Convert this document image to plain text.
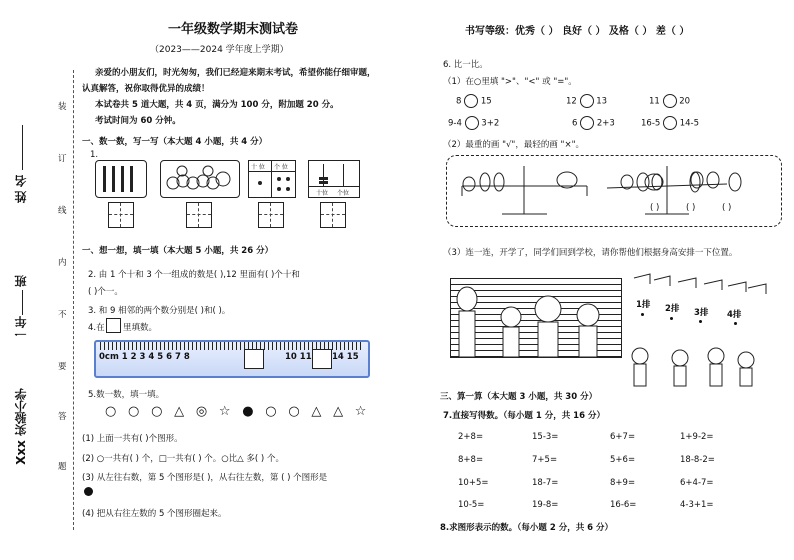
一年级数学期末测试卷
（2023——2024 学年度上学期）
书写等级：优秀（ ） 良好（ ） 及格（ ） 差（ ）
姓 名
班
一年
Xxx 实验小学
装
订
线
内
不
要
答
题
亲爱的小朋友们，时光匆匆，我们已经迎来期末考试，希望你能仔细审题，
认真解答，祝你取得优异的成绩！
本试卷共 5 道大题，共 4 页，满分为 100 分，附加题 20 分。
考试时间为 60 分钟。
一、数一数，写一写（本大题 4 小题，共 4 分）
1.
十 位 个 位
十位 个位
一、想一想，填一填（本大题 5 小题，共 26 分）
2. 由 1 个十和 3 个一组成的数是( ),12 里面有( )个十和
( )个一。
3. 和 9 相邻的两个数分别是( )和( )。
4.在 里填数。
0cm 1 2 3 4 5 6 7 8	10 11 14 15
5.数一数，填一填。
○ ○ ○ △ ◎ ☆ ● ○ ○ △ △ ☆
(1) 上面一共有( )个图形。
(2) ○一共有( ) 个，□一共有( ) 个。○比△ 多( ) 个。
(3) 从左往右数，第 5 个图形是( )，从右往左数，第 ( ) 个图形是
(4) 把从右往左数的 5 个图形圈起来。
6. 比一比。
（1）在○里填 ">"、"<" 或 "="。
8 15	12 13	11 20
9-4 3+2	6 2+3	16-5 14-5
（2）最重的画 "√"，最轻的画 "×"。
( )	( )	( )
（3）连一连，开学了，同学们回到学校，请你帮他们根据身高安排一下位置。
1排 2排 3排 4排
三、算一算（本大题 3 小题，共 30 分）
7.直接写得数。（每小题 1 分，共 16 分）
2+8=	15-3=	6+7=	1+9-2=
8+8=	7+5=	5+6=	18-8-2=
10+5=	18-7=	8+9=	6+4-7=
10-5=	19-8=	16-6=	4-3+1=
8.求图形表示的数。（每小题 2 分，共 6 分）
